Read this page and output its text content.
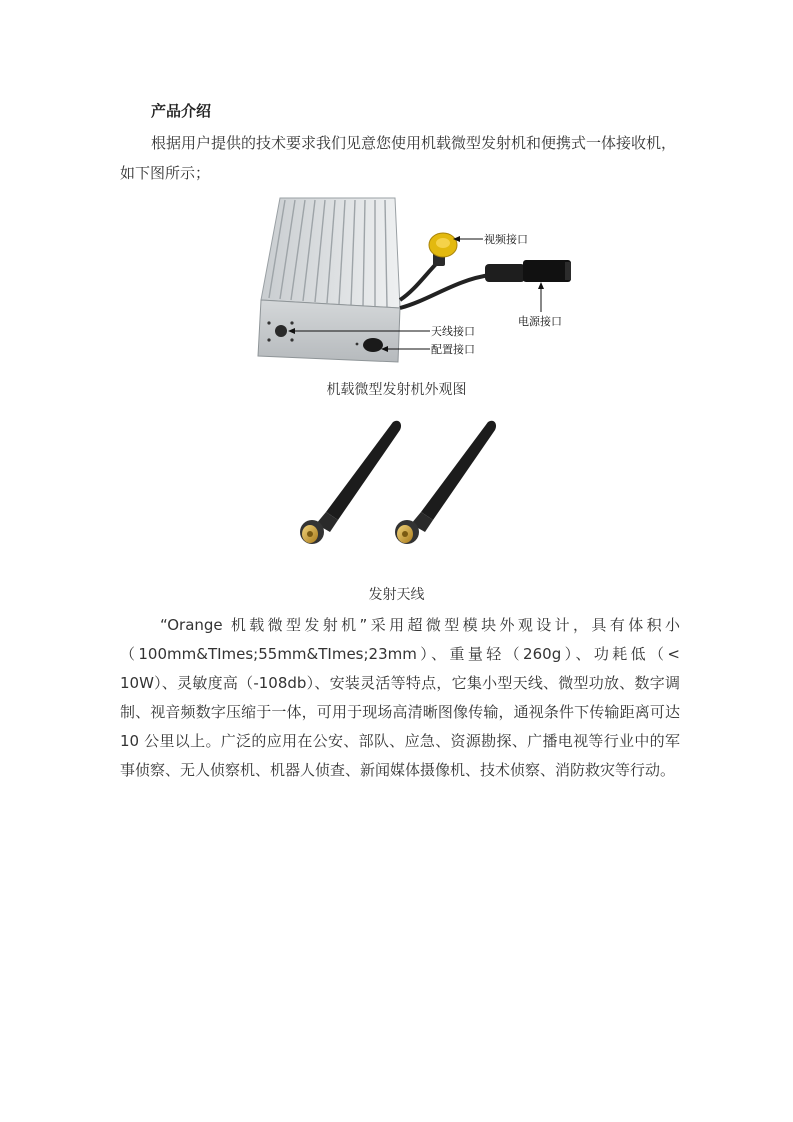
产品介绍

根据用户提供的技术要求我们见意您使用机载微型发射机和便携式一体接收机，如下图所示；

视频接口
电源接口
天线接口
配置接口
机载微型发射机外观图
发射天线

“Orange 机载微型发射机”采用超微型模块外观设计，具有体积小（100mm&TImes;55mm&TImes;23mm）、重量轻（260g）、功耗低（< 10W）、灵敏度高（-108db）、安装灵活等特点，它集小型天线、微型功放、数字调制、视音频数字压缩于一体，可用于现场高清晰图像传输，通视条件下传输距离可达 10 公里以上。广泛的应用在公安、部队、应急、资源勘探、广播电视等行业中的军事侦察、无人侦察机、机器人侦查、新闻媒体摄像机、技术侦察、消防救灾等行动。
